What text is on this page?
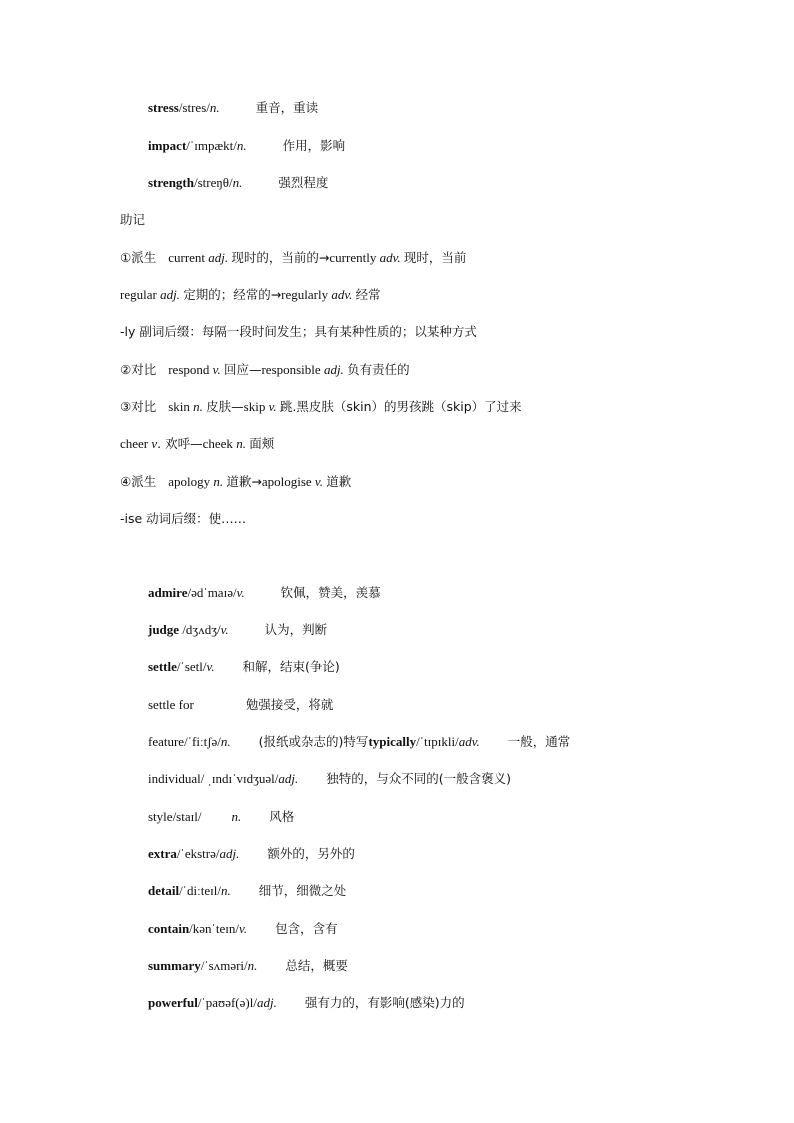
stress/stres/n.	重音，重读
impact/ˈɪmpækt/n.	作用，影响
strength/streŋθ/n.	强烈程度
助记
①派生 current adj. 现时的，当前的→currently adv. 现时，当前
regular adj. 定期的；经常的→regularly adv. 经常
-ly 副词后缀：每隔一段时间发生；具有某种性质的；以某种方式
②对比 respond v. 回应—responsible adj. 负有责任的
③对比 skin n. 皮肤—skip v. 跳.黑皮肤（skin）的男孩跳（skip）了过来
cheer v. 欢呼—cheek n. 面颊
④派生 apology n. 道歉→apologise v. 道歉
-ise 动词后缀：使……
admire/ədˈmaɪə/v.	钦佩，赞美，羡慕
judge /dʒʌdʒ/v.	认为，判断
settle/ˈsetl/v. 和解，结束(争论)
settle for	勉强接受，将就
feature/ˈfiːtʃə/n. (报纸或杂志的)特写typically/ˈtɪpɪkli/adv. 一般，通常
individual/ ˌɪndɪˈvɪdʒuəl/adj. 独特的，与众不同的(一般含褒义)
style/staɪl/ n. 风格
extra/ˈekstrə/adj. 额外的，另外的
detail/ˈdiːteɪl/n. 细节，细微之处
contain/kənˈteɪn/v. 包含，含有
summary/ˈsʌməri/n. 总结，概要
powerful/ˈpaʊəf(ə)l/adj. 强有力的，有影响(感染)力的
